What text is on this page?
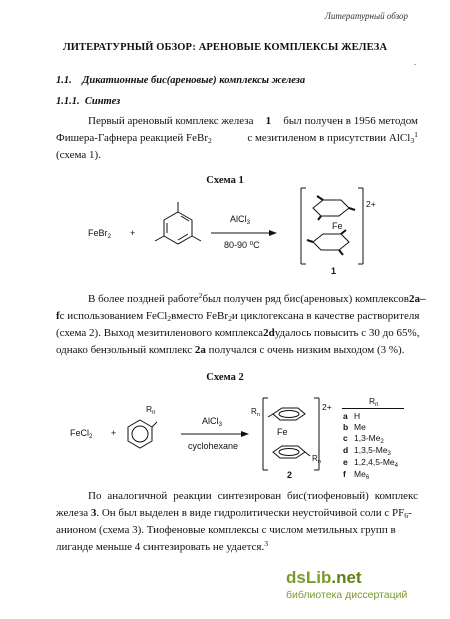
Литературный обзор
ЛИТЕРАТУРНЫЙ ОБЗОР: АРЕНОВЫЕ КОМПЛЕКСЫ ЖЕЛЕЗА
.
1.1. Дикатионные бис(ареновые) комплексы железа
1.1.1. Синтез

Первый ареновый комплекс железа 1 был получен в 1956 методом

Фишера-Гафнера реакцией FeBr$_2$	с мезитиленом в присутствии AlCl$_3^1$

(схема 1).

Схема 1
FeBr$_2$ +
AlCl$_3$
80-90 ⁰C
Fe
2+
1

В более поздней работе$^2$ был получен ряд бис(ареновых) комплексов 2a–

f с использованием FeCl$_2$ вместо FeBr$_2$ и циклогексана в качестве растворителя

(схема 2). Выход мезитиленового комплекса 2d удалось повысить с 30 до 65%,

однако бензольный комплекс 2a получался с очень низким выходом (3 %).

Схема 2
FeCl$_2$ +
$R_n$
AlCl$_3$
cyclohexane
$R_n$
$R_n$
Fe
2+
2
$R_n$
a H
b Me
c $1,3-Me_2$
d $1,3,5-Me_3$
e $1,2,4,5-Me_4$
f $Me_6$

По аналогичной реакции синтезирован бис(тиофеновый) комплекс

железа 3. Он был выделен в виде гидролитически неустойчивой соли с $PF_6-$

анионом (схема 3). Тиофеновые комплексы с числом метильных групп в

лиганде меньше 4 синтезировать не удается.$^3$

dsLib.net
библиотека диссертаций
